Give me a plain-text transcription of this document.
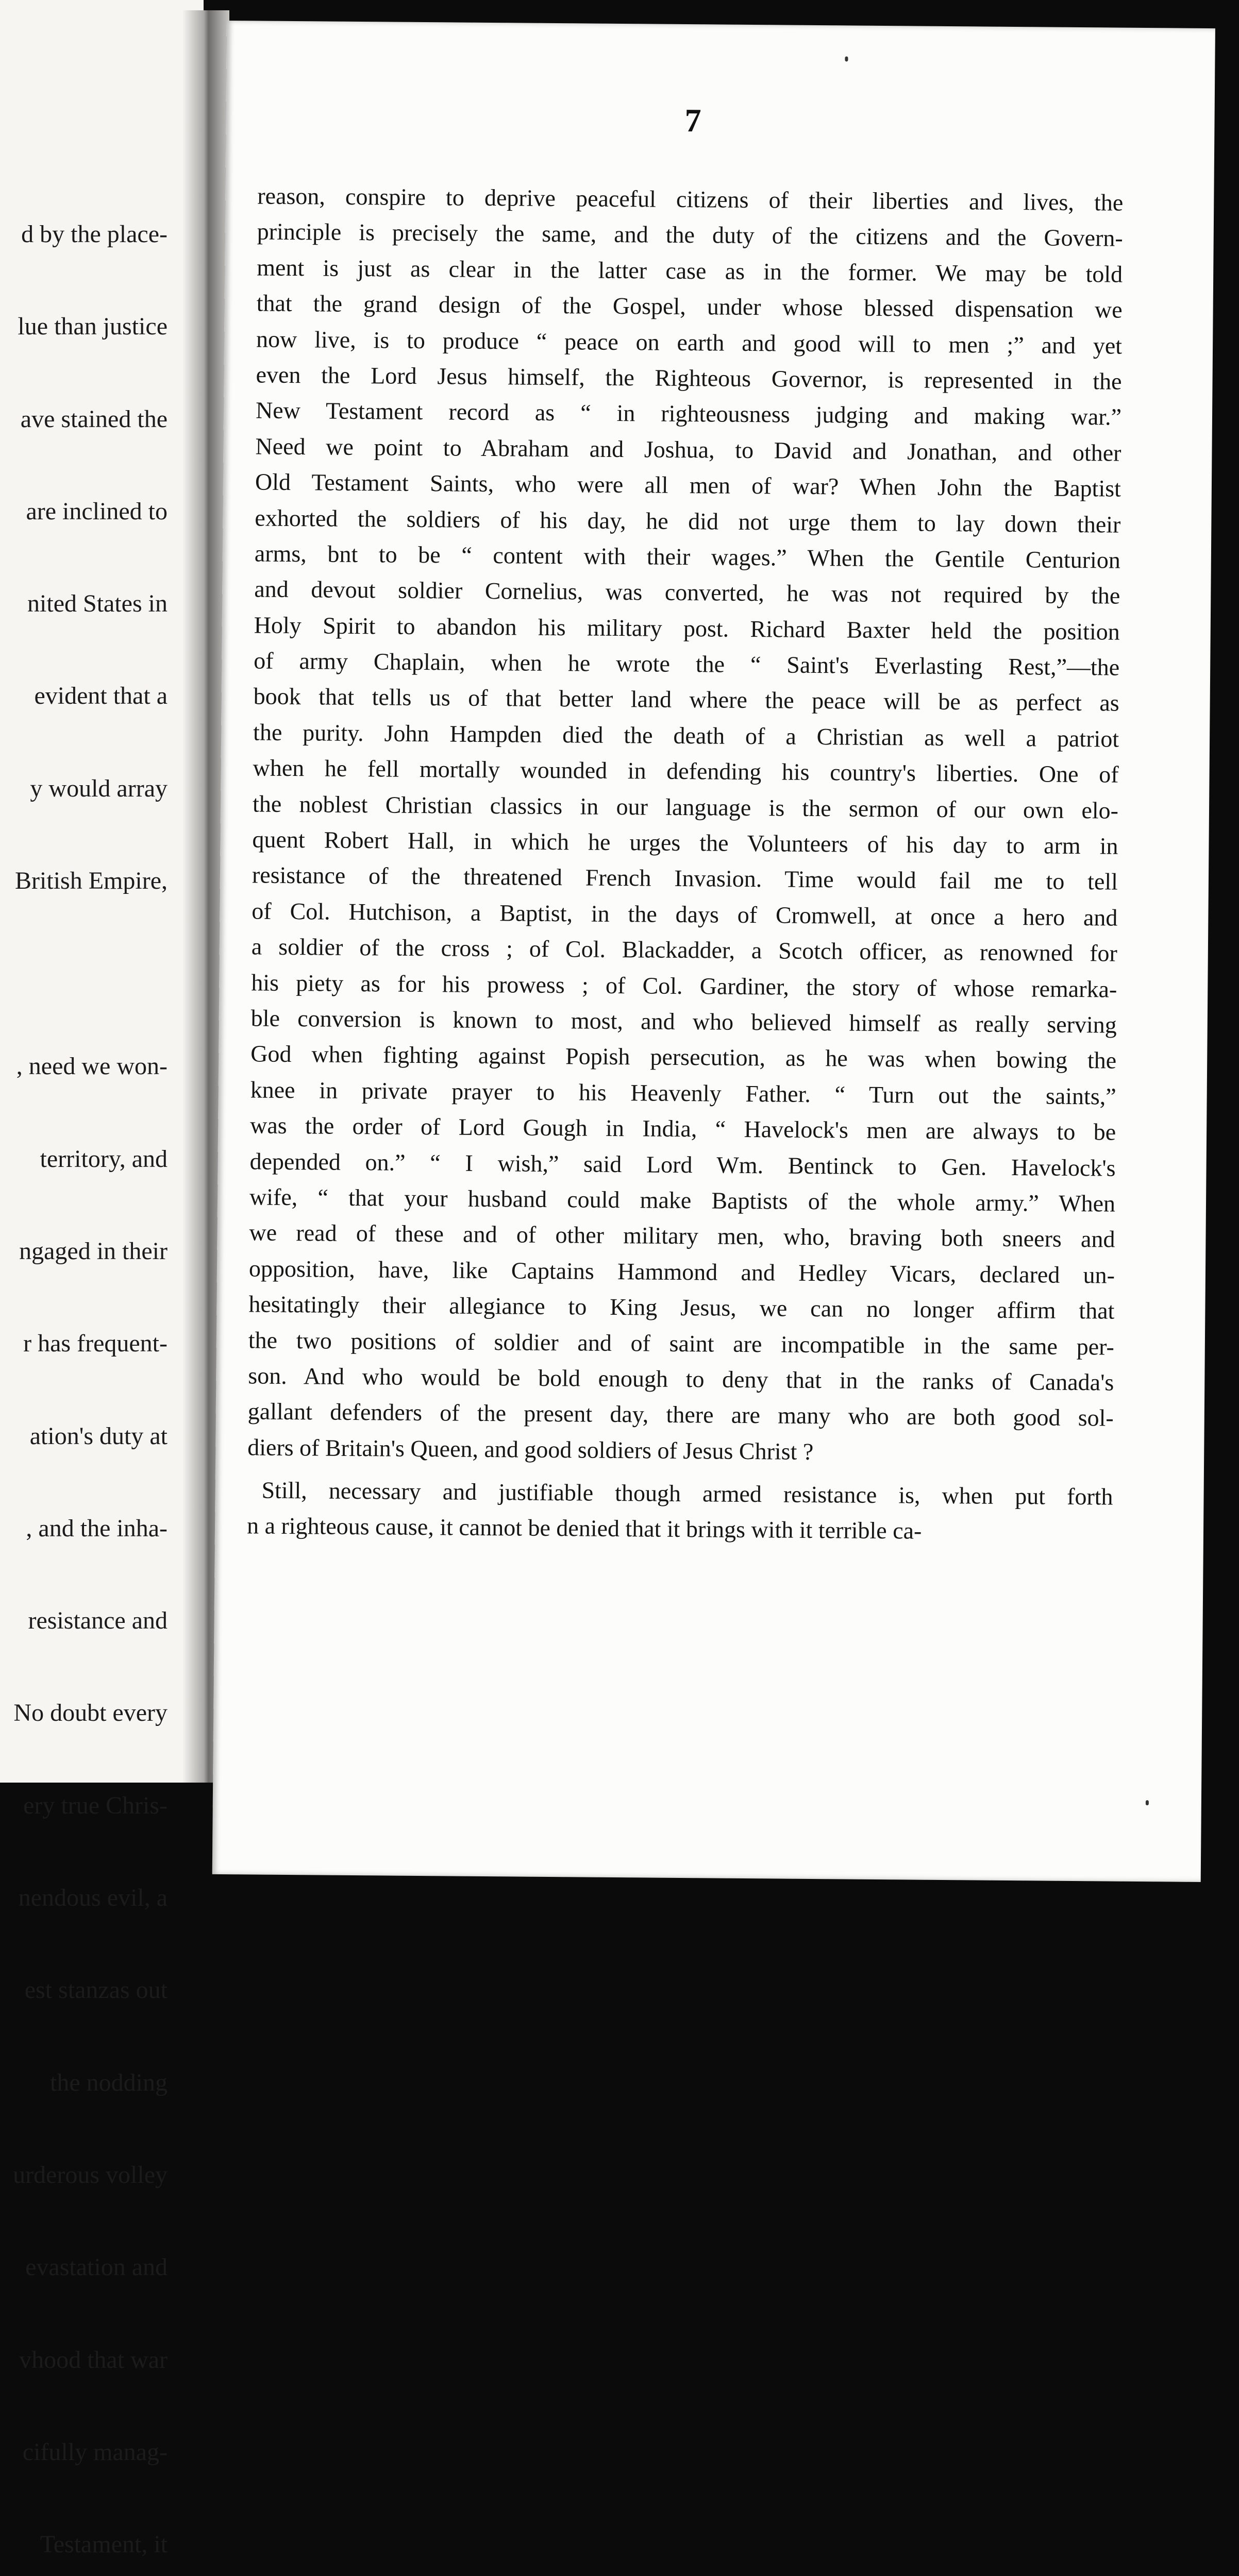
d by the place-

lue than justice

ave stained the

are inclined to

nited States in

evident that a

y would array

British Empire,

, need we won-

territory, and

ngaged in their

r has frequent-

ation's duty at

, and the inha-

resistance and

No doubt every

ery true Chris-

nendous evil, a

est stanzas out

the nodding

urderous volley

evastation and

vhood that war

cifully manag-

Testament, it

7
reason, conspire to deprive peaceful citizens of their liberties and lives, the
principle is precisely the same, and the duty of the citizens and the Govern-
ment is just as clear in the latter case as in the former. We may be told
that the grand design of the Gospel, under whose blessed dispensation we
now live, is to produce “ peace on earth and good will to men ;” and yet
even the Lord Jesus himself, the Righteous Governor, is represented in the
New Testament record as “ in righteousness judging and making war.”
Need we point to Abraham and Joshua, to David and Jonathan, and other
Old Testament Saints, who were all men of war? When John the Baptist
exhorted the soldiers of his day, he did not urge them to lay down their
arms, bnt to be “ content with their wages.” When the Gentile Centurion
and devout soldier Cornelius, was converted, he was not required by the
Holy Spirit to abandon his military post. Richard Baxter held the position
of army Chaplain, when he wrote the “ Saint's Everlasting Rest,”—the
book that tells us of that better land where the peace will be as perfect as
the purity. John Hampden died the death of a Christian as well a patriot
when he fell mortally wounded in defending his country's liberties. One of
the noblest Christian classics in our language is the sermon of our own elo-
quent Robert Hall, in which he urges the Volunteers of his day to arm in
resistance of the threatened French Invasion. Time would fail me to tell
of Col. Hutchison, a Baptist, in the days of Cromwell, at once a hero and
a soldier of the cross ; of Col. Blackadder, a Scotch officer, as renowned for
his piety as for his prowess ; of Col. Gardiner, the story of whose remarka-
ble conversion is known to most, and who believed himself as really serving
God when fighting against Popish persecution, as he was when bowing the
knee in private prayer to his Heavenly Father. “ Turn out the saints,”
was the order of Lord Gough in India, “ Havelock's men are always to be
depended on.” “ I wish,” said Lord Wm. Bentinck to Gen. Havelock's
wife, “ that your husband could make Baptists of the whole army.” When
we read of these and of other military men, who, braving both sneers and
opposition, have, like Captains Hammond and Hedley Vicars, declared un-
hesitatingly their allegiance to King Jesus, we can no longer affirm that
the two positions of soldier and of saint are incompatible in the same per-
son. And who would be bold enough to deny that in the ranks of Canada's
gallant defenders of the present day, there are many who are both good sol-
diers of Britain's Queen, and good soldiers of Jesus Christ ?
Still, necessary and justifiable though armed resistance is, when put forth
n a righteous cause, it cannot be denied that it brings with it terrible ca-
